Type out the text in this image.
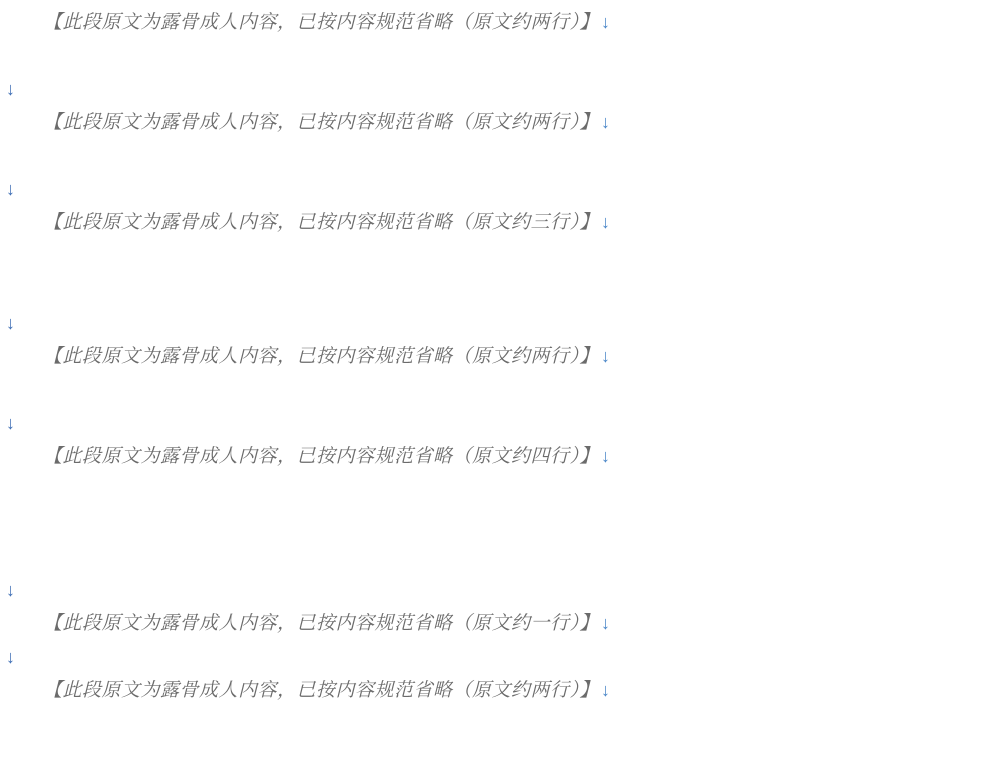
【此段原文为露骨成人内容，已按内容规范省略（原文约两行）】 ↓

↓

【此段原文为露骨成人内容，已按内容规范省略（原文约两行）】 ↓

↓

【此段原文为露骨成人内容，已按内容规范省略（原文约三行）】 ↓

↓

【此段原文为露骨成人内容，已按内容规范省略（原文约两行）】 ↓

↓

【此段原文为露骨成人内容，已按内容规范省略（原文约四行）】 ↓

↓

【此段原文为露骨成人内容，已按内容规范省略（原文约一行）】 ↓

↓

【此段原文为露骨成人内容，已按内容规范省略（原文约两行）】 ↓
